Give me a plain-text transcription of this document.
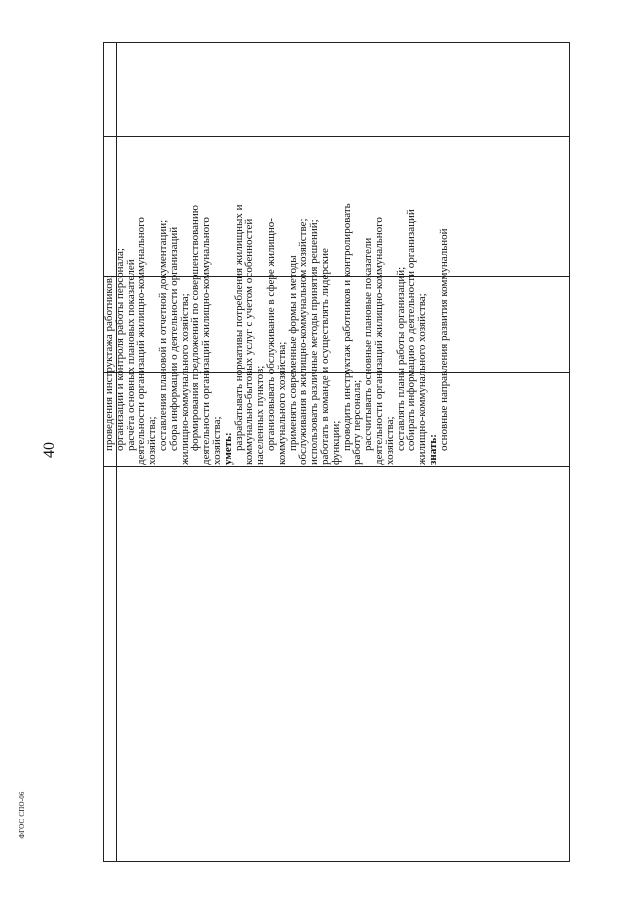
40
ФГОС СПО-06
проведения инструктажа работников;
организации и контроля работы персонала;
расчёта основных плановых показателей
деятельности организаций жилищно-коммунального
хозяйства;
составления плановой и отчетной документации;
сбора информации о деятельности организаций
жилищно-коммунального хозяйства;
формирования предложений по совершенствованию
деятельности организаций жилищно-коммунального
хозяйства;
уметь:
разрабатывать нормативы потребления жилищных и
коммунально-бытовых услуг с учетом особенностей
населенных пунктов;
организовывать обслуживание в сфере жилищно-
коммунального хозяйства;
применять современные формы и методы
обслуживания в жилищно-коммунальном хозяйстве;
использовать различные методы принятия решений;
работать в команде и осуществлять лидерские
функции;
проводить инструктаж работников и контролировать
работу персонала;
рассчитывать основные плановые показатели
деятельности организаций жилищно-коммунального
хозяйства;
составлять планы работы организаций;
собирать информацию о деятельности организаций
жилищно-коммунального хозяйства;
знать:
основные направления развития коммунальной
